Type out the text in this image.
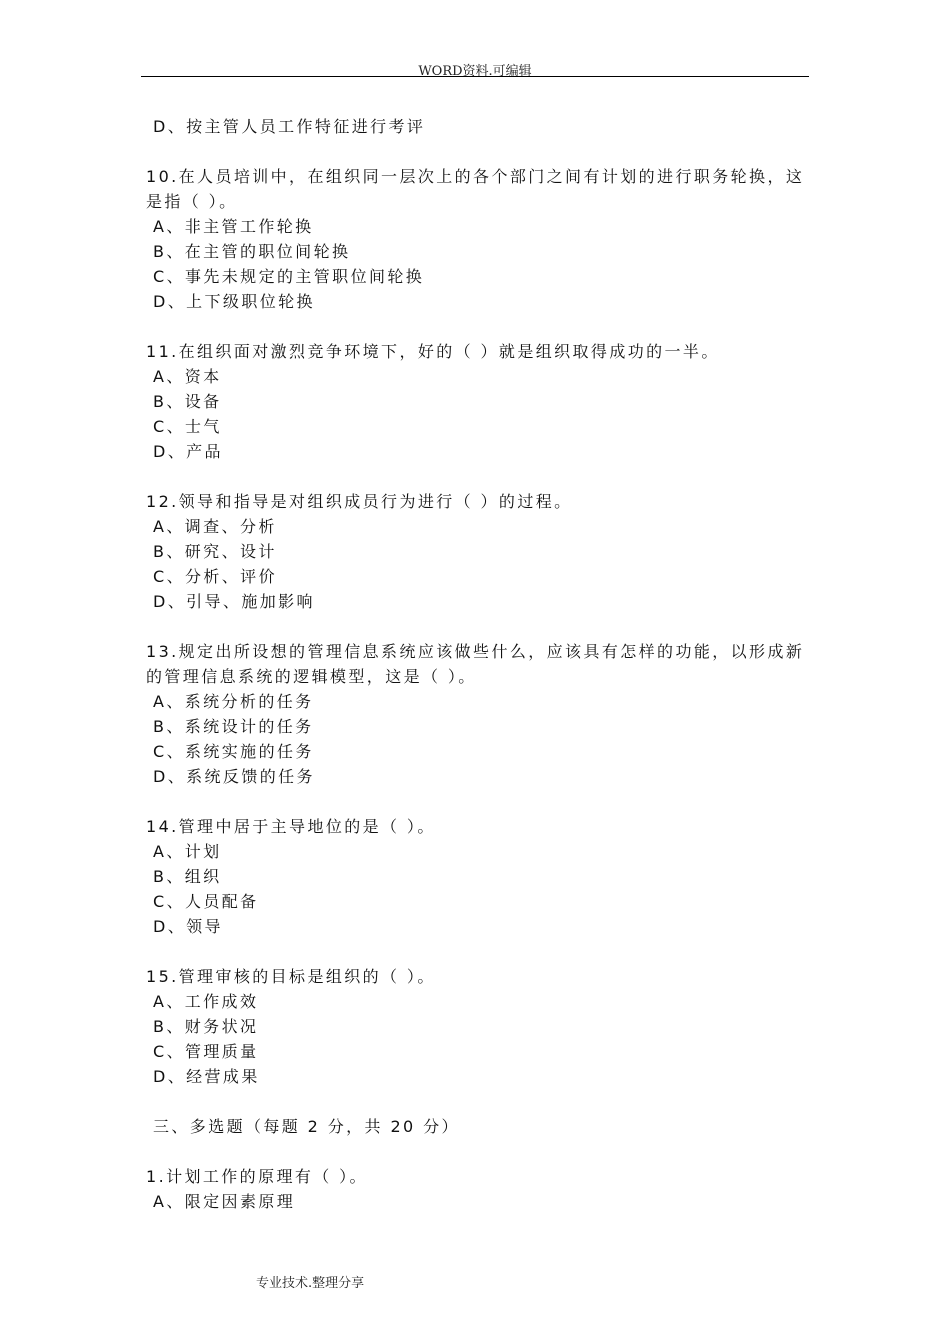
WORD资料.可编辑
D、按主管人员工作特征进行考评
10.在人员培训中，在组织同一层次上的各个部门之间有计划的进行职务轮换，这是指（ ）。
A、非主管工作轮换
B、在主管的职位间轮换
C、事先未规定的主管职位间轮换
D、上下级职位轮换
11.在组织面对激烈竞争环境下，好的（ ）就是组织取得成功的一半。
A、资本
B、设备
C、士气
D、产品
12.领导和指导是对组织成员行为进行（ ）的过程。
A、调查、分析
B、研究、设计
C、分析、评价
D、引导、施加影响
13.规定出所设想的管理信息系统应该做些什么，应该具有怎样的功能，以形成新的管理信息系统的逻辑模型，这是（ ）。
A、系统分析的任务
B、系统设计的任务
C、系统实施的任务
D、系统反馈的任务
14.管理中居于主导地位的是（ ）。
A、计划
B、组织
C、人员配备
D、领导
15.管理审核的目标是组织的（ ）。
A、工作成效
B、财务状况
C、管理质量
D、经营成果
三、多选题（每题 2 分，共 20 分）
1.计划工作的原理有（ ）。
A、限定因素原理
专业技术.整理分享
